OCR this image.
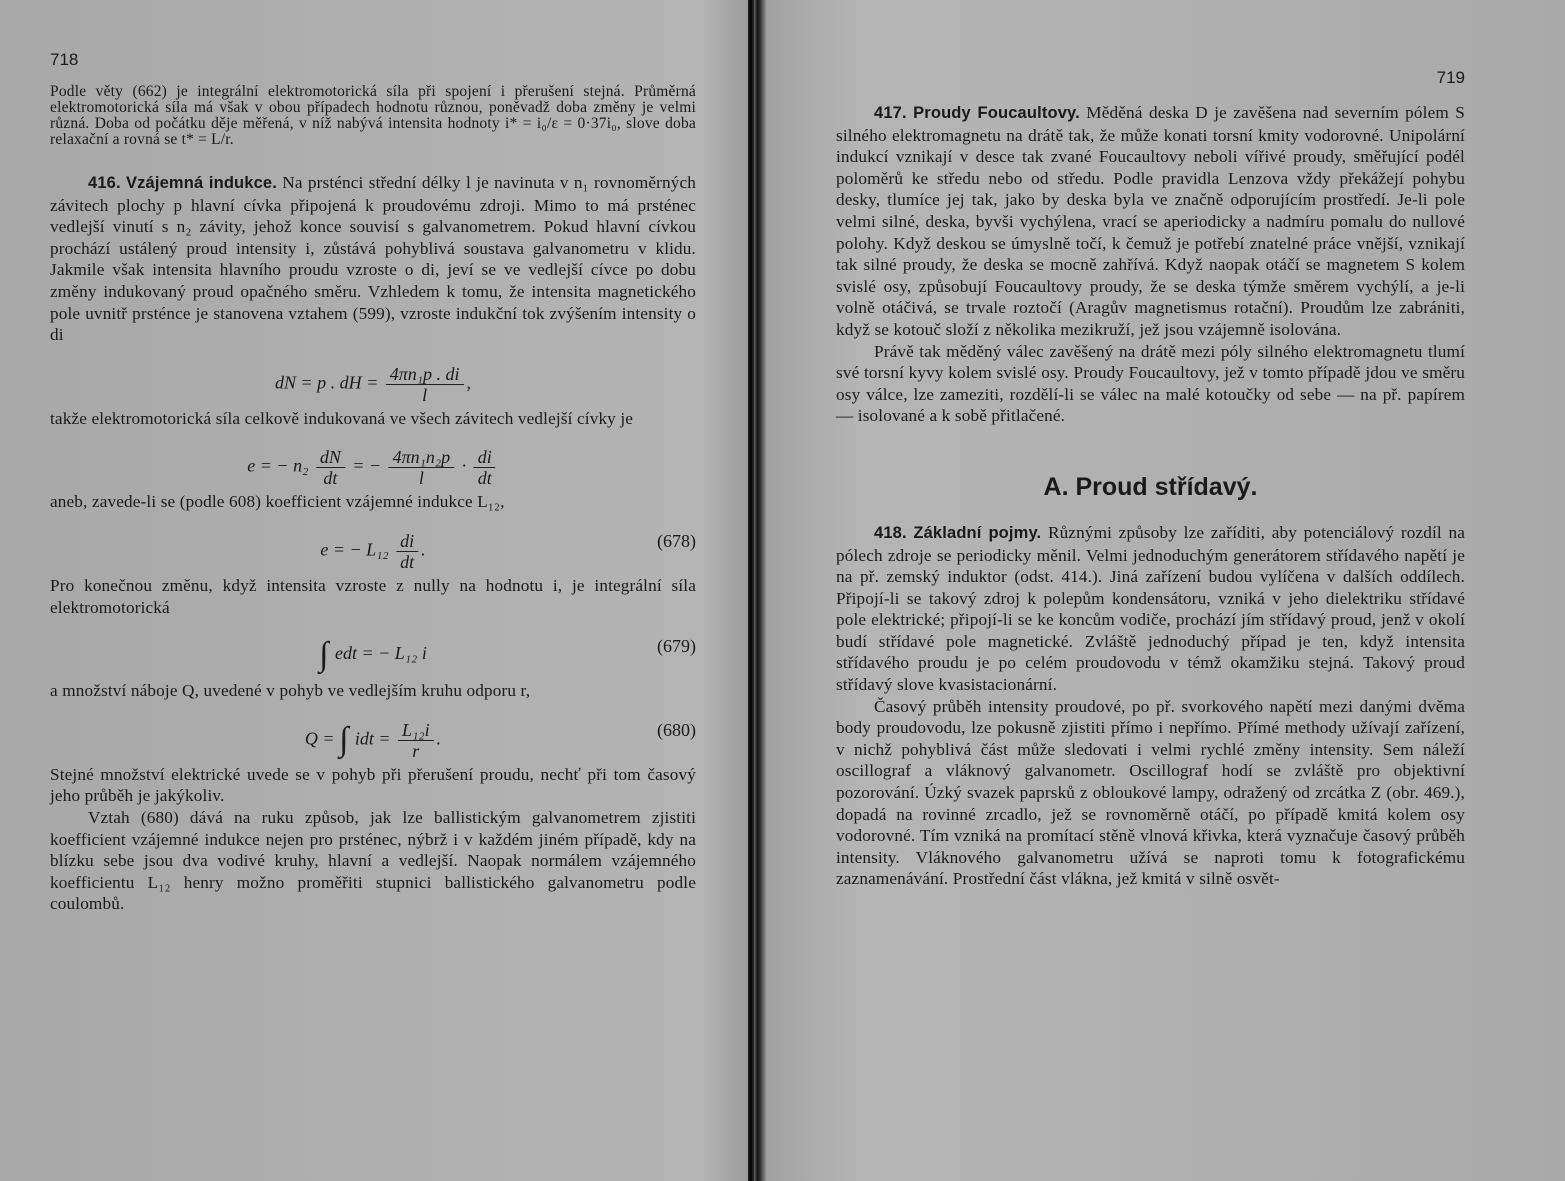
718

Podle věty (662) je integrální elektromotorická síla při spojení i přerušení stejná. Průměrná elektromotorická síla má však v obou případech hodnotu různou, poněvadž doba změny je velmi různá. Doba od počátku děje měřená, v níž nabývá intensita hodnoty i* = i₀/ε = 0·37i₀, slove doba relaxační a rovná se t* = L/r.

416. Vzájemná indukce. Na prsténci střední délky l je navinuta v n₁ rovnoměrných závitech plochy p hlavní cívka připojená k proudovému zdroji. Mimo to má prsténec vedlejší vinutí s n₂ závity, jehož konce souvisí s galvanometrem. Pokud hlavní cívkou prochází ustálený proud intensity i, zůstává pohyblivá soustava galvanometru v klidu. Jakmile však intensita hlavního proudu vzroste o di, jeví se ve vedlejší cívce po dobu změny indukovaný proud opačného směru. Vzhledem k tomu, že intensita magnetického pole uvnitř prsténce je stanovena vztahem (599), vzroste indukční tok zvýšením intensity o di

dN = p . dH = $\frac{\text{4πn₁p . di}}{l}$ ,

takže elektromotorická síla celkově indukovaná ve všech závitech vedlejší cívky je

e = − $n_2 \frac{dN}{dt}$ = − $\frac{\text{4πn₁n₂p}}{l} \cdot \frac{di}{dt}$

aneb, zavede-li se (podle 608) koefficient vzájemné indukce L₁₂,

e = − $L_{12} \frac{di}{dt}$ .	(678)

Pro konečnou změnu, když intensita vzroste z nully na hodnotu i, je integrální síla elektromotorická

∫ edt = − L₁₂ i	(679)

a množství náboje Q, uvedené v pohyb ve vedlejším kruhu odporu r,

Q = ∫ idt = $\frac{\text{L₁₂i}}{r}$ .	(680)

Stejné množství elektrické uvede se v pohyb při přerušení proudu, nechť při tom časový jeho průběh je jakýkoliv.

Vztah (680) dává na ruku způsob, jak lze ballistickým galvanometrem zjistiti koefficient vzájemné indukce nejen pro prsténec, nýbrž i v každém jiném případě, kdy na blízku sebe jsou dva vodivé kruhy, hlavní a vedlejší. Naopak normálem vzájemného koefficientu L₁₂ henry možno proměřiti stupnici ballistického galvanometru podle coulombů.

719

417. Proudy Foucaultovy. Měděná deska D je zavěšena nad severním pólem S silného elektromagnetu na drátě tak, že může konati torsní kmity vodorovné. Unipolární indukcí vznikají v desce tak zvané Foucaultovy neboli vířivé proudy, směřující podél poloměrů ke středu nebo od středu. Podle pravidla Lenzova vždy překážejí pohybu desky, tlumíce jej tak, jako by deska byla ve značně odporujícím prostředí. Je-li pole velmi silné, deska, byvši vychýlena, vrací se aperiodicky a nadmíru pomalu do nullové polohy. Když deskou se úmyslně točí, k čemuž je potřebí znatelné práce vnější, vznikají tak silné proudy, že deska se mocně zahřívá. Když naopak otáčí se magnetem S kolem svislé osy, způsobují Foucaultovy proudy, že se deska týmže směrem vychýlí, a je-li volně otáčivá, se trvale roztočí (Aragův magnetismus rotační). Proudům lze zabrániti, když se kotouč složí z několika mezikruží, jež jsou vzájemně isolována.

Právě tak měděný válec zavěšený na drátě mezi póly silného elektromagnetu tlumí své torsní kyvy kolem svislé osy. Proudy Foucaultovy, jež v tomto případě jdou ve směru osy válce, lze zameziti, rozdělí-li se válec na malé kotoučky od sebe — na př. papírem — isolované a k sobě přitlačené.

A. Proud střídavý.

418. Základní pojmy. Různými způsoby lze zaříditi, aby potenciálový rozdíl na pólech zdroje se periodicky měnil. Velmi jednoduchým generátorem střídavého napětí je na př. zemský induktor (odst. 414.). Jiná zařízení budou vylíčena v dalších oddílech. Připojí-li se takový zdroj k polepům kondensátoru, vzniká v jeho dielektriku střídavé pole elektrické; připojí-li se ke koncům vodiče, prochází jím střídavý proud, jenž v okolí budí střídavé pole magnetické. Zvláště jednoduchý případ je ten, když intensita střídavého proudu je po celém proudovodu v témž okamžiku stejná. Takový proud střídavý slove kvasistacionární.

Časový průběh intensity proudové, po př. svorkového napětí mezi danými dvěma body proudovodu, lze pokusně zjistiti přímo i nepřímo. Přímé methody užívají zařízení, v nichž pohyblivá část může sledovati i velmi rychlé změny intensity. Sem náleží oscillograf a vláknový galvanometr. Oscillograf hodí se zvláště pro objektivní pozorování. Úzký svazek paprsků z obloukové lampy, odražený od zrcátka Z (obr. 469.), dopadá na rovinné zrcadlo, jež se rovnoměrně otáčí, po případě kmitá kolem osy vodorovné. Tím vzniká na promítací stěně vlnová křivka, která vyznačuje časový průběh intensity. Vláknového galvanometru užívá se naproti tomu k fotografickému zaznamenávání. Prostřední část vlákna, jež kmitá v silně osvět-
